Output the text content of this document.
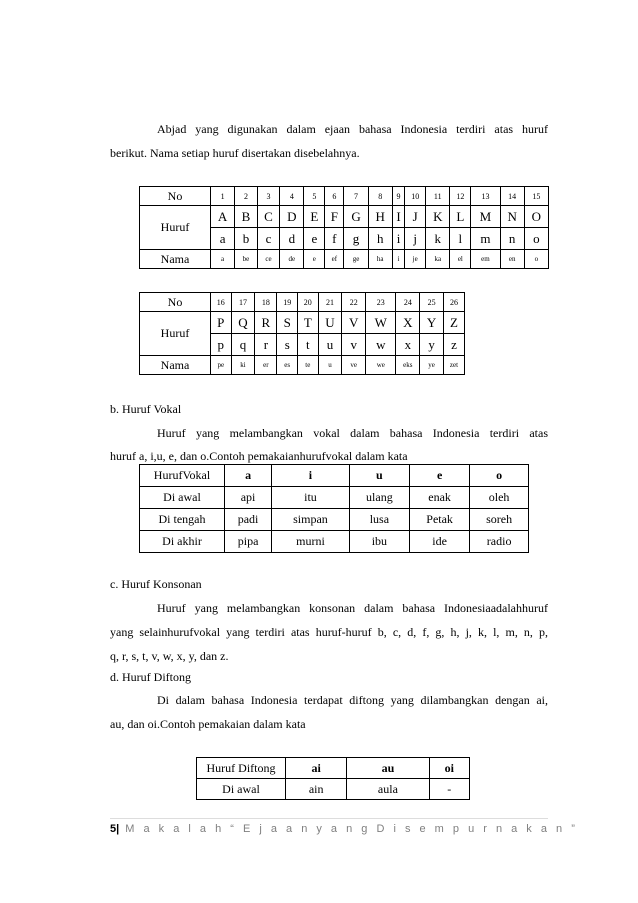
Abjad yang digunakan dalam ejaan bahasa Indonesia terdiri atas huruf
berikut. Nama setiap huruf disertakan disebelahnya.
No	1	2	3	4	5	6	7	8	9	10	11	12	13	14	15
Huruf	A	B	C	D	E	F	G	H	I	J	K	L	M	N	O
	a	b	c	d	e	f	g	h	i	j	k	l	m	n	o
Nama	a	be	ce	de	e	ef	ge	ha	i	je	ka	el	em	en	o
No	16	17	18	19	20	21	22	23	24	25	26
Huruf	P	Q	R	S	T	U	V	W	X	Y	Z
	p	q	r	s	t	u	v	w	x	y	z
Nama	pe	ki	er	es	te	u	ve	we	eks	ye	zet
b. Huruf Vokal
Huruf yang melambangkan vokal dalam bahasa Indonesia terdiri atas
huruf a, i,u, e, dan o.Contoh pemakaianhurufvokal dalam kata
HurufVokal	a	i	u	e	o
Di awal	api	itu	ulang	enak	oleh
Di tengah	padi	simpan	lusa	Petak	soreh
Di akhir	pipa	murni	ibu	ide	radio
c. Huruf Konsonan
Huruf yang melambangkan konsonan dalam bahasa Indonesiaadalahhuruf
yang selainhurufvokal yang terdiri atas huruf-huruf b, c, d, f, g, h, j, k, l, m, n, p,
q, r, s, t, v, w, x, y, dan z.
d. Huruf Diftong
Di dalam bahasa Indonesia terdapat diftong yang dilambangkan dengan ai,
au, dan oi.Contoh pemakaian dalam kata
Huruf Diftong	ai	au	oi
Di awal	ain	aula	-
5| M a k a l a h “ E j a a n y a n g D i s e m p u r n a k a n ”
